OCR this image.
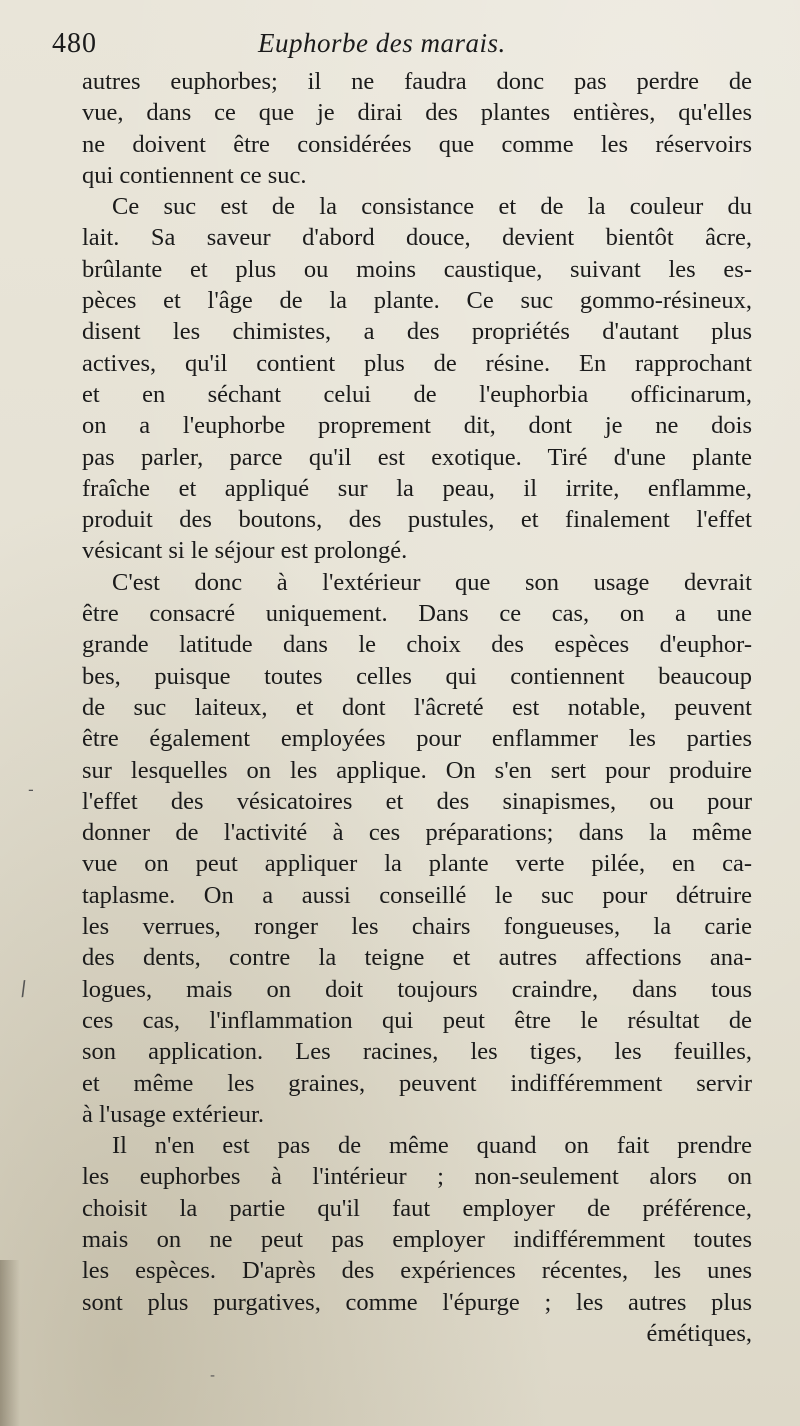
480	Euphorbe des marais.
autres euphorbes; il ne faudra donc pas perdre de
vue, dans ce que je dirai des plantes entières, qu'elles
ne doivent être considérées que comme les réservoirs
qui contiennent ce suc.
Ce suc est de la consistance et de la couleur du
lait. Sa saveur d'abord douce, devient bientôt âcre,
brûlante et plus ou moins caustique, suivant les es-
pèces et l'âge de la plante. Ce suc gommo-résineux,
disent les chimistes, a des propriétés d'autant plus
actives, qu'il contient plus de résine. En rapprochant
et en séchant celui de l'euphorbia officinarum,
on a l'euphorbe proprement dit, dont je ne dois
pas parler, parce qu'il est exotique. Tiré d'une plante
fraîche et appliqué sur la peau, il irrite, enflamme,
produit des boutons, des pustules, et finalement l'effet
vésicant si le séjour est prolongé.
C'est donc à l'extérieur que son usage devrait
être consacré uniquement. Dans ce cas, on a une
grande latitude dans le choix des espèces d'euphor-
bes, puisque toutes celles qui contiennent beaucoup
de suc laiteux, et dont l'âcreté est notable, peuvent
être également employées pour enflammer les parties
sur lesquelles on les applique. On s'en sert pour produire
l'effet des vésicatoires et des sinapismes, ou pour
donner de l'activité à ces préparations; dans la même
vue on peut appliquer la plante verte pilée, en ca-
taplasme. On a aussi conseillé le suc pour détruire
les verrues, ronger les chairs fongueuses, la carie
des dents, contre la teigne et autres affections ana-
logues, mais on doit toujours craindre, dans tous
ces cas, l'inflammation qui peut être le résultat de
son application. Les racines, les tiges, les feuilles,
et même les graines, peuvent indifféremment servir
à l'usage extérieur.
Il n'en est pas de même quand on fait prendre
les euphorbes à l'intérieur ; non-seulement alors on
choisit la partie qu'il faut employer de préférence,
mais on ne peut pas employer indifféremment toutes
les espèces. D'après des expériences récentes, les unes
sont plus purgatives, comme l'épurge ; les autres plus
émétiques,
/
-
-
